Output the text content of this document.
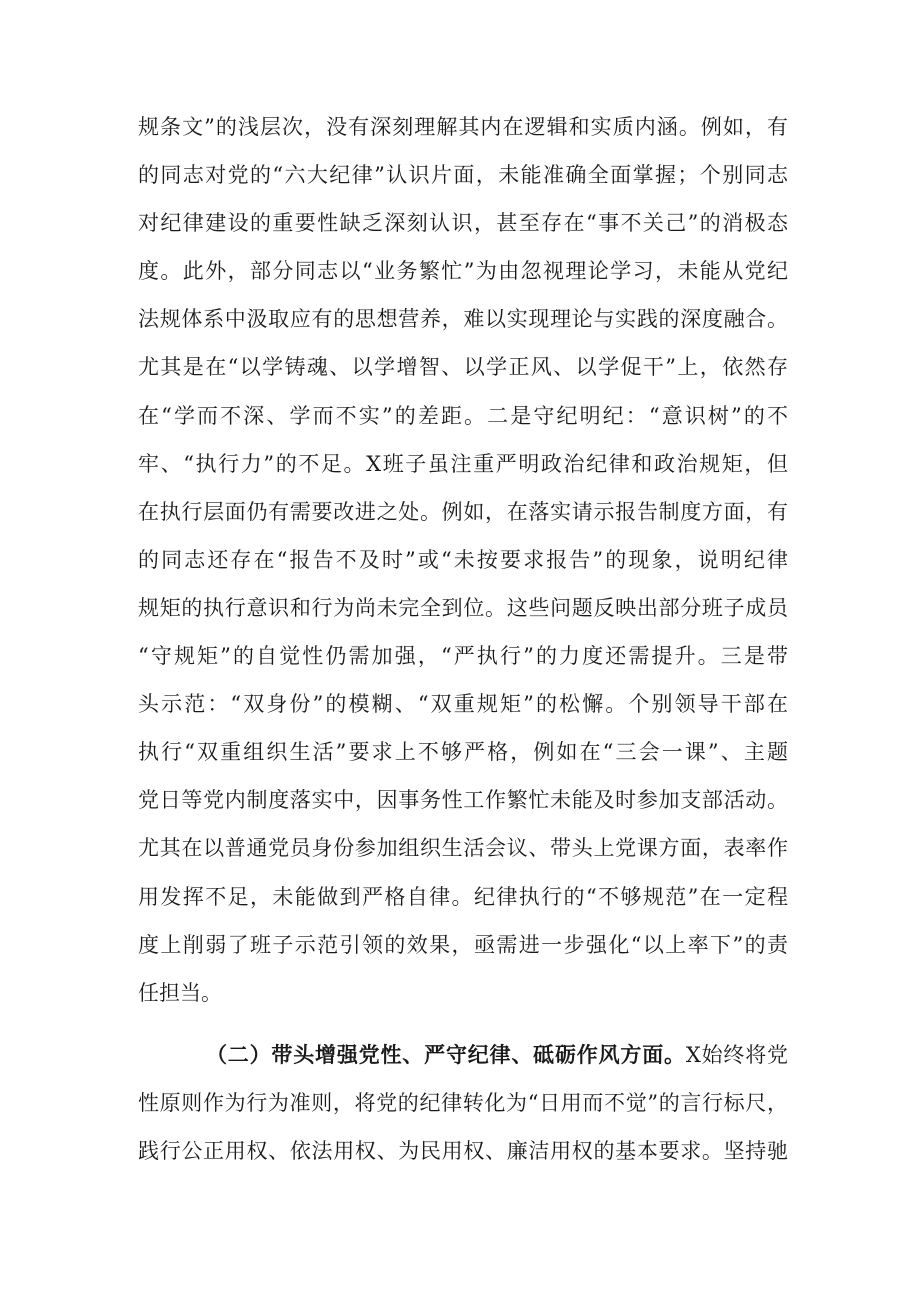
规条文”的浅层次，没有深刻理解其内在逻辑和实质内涵。例如，有
的同志对党的“六大纪律”认识片面，未能准确全面掌握；个别同志
对纪律建设的重要性缺乏深刻认识，甚至存在“事不关己”的消极态
度。此外，部分同志以“业务繁忙”为由忽视理论学习，未能从党纪
法规体系中汲取应有的思想营养，难以实现理论与实践的深度融合。
尤其是在“以学铸魂、以学增智、以学正风、以学促干”上，依然存
在“学而不深、学而不实”的差距。二是守纪明纪：“意识树”的不
牢、“执行力”的不足。X班子虽注重严明政治纪律和政治规矩，但
在执行层面仍有需要改进之处。例如，在落实请示报告制度方面，有
的同志还存在“报告不及时”或“未按要求报告”的现象，说明纪律
规矩的执行意识和行为尚未完全到位。这些问题反映出部分班子成员
“守规矩”的自觉性仍需加强，“严执行”的力度还需提升。三是带
头示范：“双身份”的模糊、“双重规矩”的松懈。个别领导干部在
执行“双重组织生活”要求上不够严格，例如在“三会一课”、主题
党日等党内制度落实中，因事务性工作繁忙未能及时参加支部活动。
尤其在以普通党员身份参加组织生活会议、带头上党课方面，表率作
用发挥不足，未能做到严格自律。纪律执行的“不够规范”在一定程
度上削弱了班子示范引领的效果，亟需进一步强化“以上率下”的责
任担当。
（二）带头增强党性、严守纪律、砥砺作风方面。X始终将党
性原则作为行为准则，将党的纪律转化为“日用而不觉”的言行标尺，
践行公正用权、依法用权、为民用权、廉洁用权的基本要求。坚持驰
